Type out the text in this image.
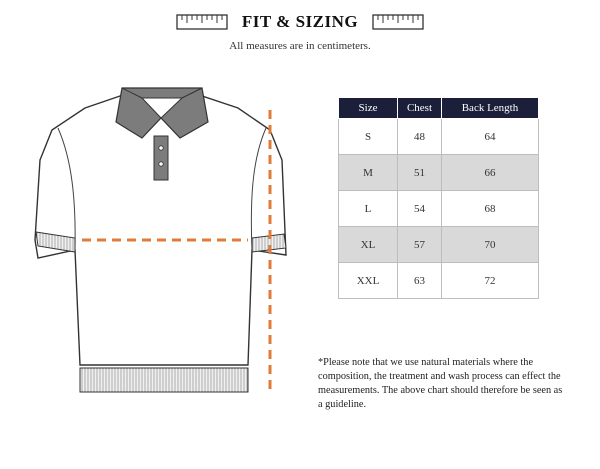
FIT & SIZING
All measures are in centimeters.
Size	Chest	Back Length
S	48	64
M	51	66
L	54	68
XL	57	70
XXL	63	72
*Please note that we use natural materials where the composition, the treatment and wash process can effect the measurements. The above chart should therefore be seen as a guideline.
